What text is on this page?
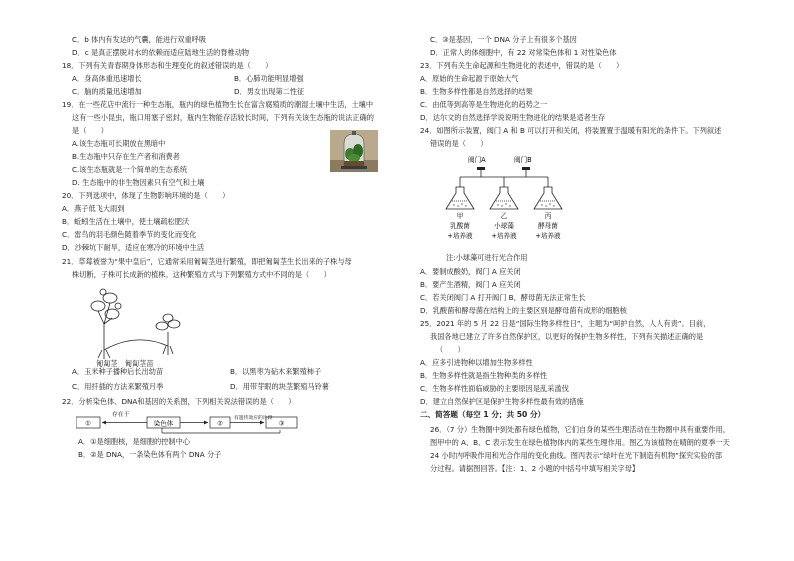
C．b 体内有发达的气囊，能进行双重呼吸
D．c 是真正摆脱对水的依赖而适应陆地生活的脊椎动物
18．下列有关青春期身体形态和生理变化的叙述错误的是（　　）
A．身高体重迅速增长	B．心肺功能明显增强
C．脑的质量迅速增加	D．男女出现第二性征
19．在一些花店中流行一种生态瓶，瓶内的绿色植物生长在富含腐殖质的潮湿土壤中生活，土壤中
这有一些小昆虫，瓶口用塞子密封，瓶内生物能存活较长时间，下列有关该生态瓶的说法正确的
是（　　）
A.该生态瓶可长期放在黑暗中
B.生态瓶中只存在生产者和消费者
C.该生态瓶就是一个简单的生态系统
D. 生态瓶中的非生物因素只有空气和土壤
20．下列选项中，体现了生物影响环境的是（　　）
A．燕子低飞大雨到
B．蚯蚓生活在土壤中，使土壤疏松肥沃
C．雷鸟的羽毛颜色随着季节的变化而变化
D．沙棘坑下耐旱，适应在寒冷的环境中生活
21．草莓被誉为“果中皇后”，它通常采用匍匐茎进行繁殖，即把匍匐茎生长出来的子株与母
株切断，子株可长成新的植株。这种繁殖方式与下列繁殖方式中不同的是（　　）
A．玉米种子播种后长出幼苗	B．以黑枣为砧木来繁殖柿子
C．用扦插的方法来繁殖月季	D．用带芽眼的块茎繁殖马铃薯
22．分析染色体、DNA和基因的关系图，下列相关说法错误的是（　　）
A．①是细胞核，是细胞的控制中心
B．②是 DNA，一条染色体有两个 DNA 分子
匍匐茎　匍匐茎苗
①	染色体	②	③
存在于
有遗传效应的片段
C．③是基因，一个 DNA 分子上有很多个基因
D．正常人的体细胞中，有 22 对常染色体和 1 对性染色体
23．下列有关生命起源和生物进化的表述中，错误的是（　　）
A．原始的生命起源于原始大气
B．生物多样性都是自然选择的结果
C．由低等到高等是生物进化的趋势之一
D．达尔文的自然选择学说说明生物进化的结果是适者生存
24．如图所示装置，阀门 A 和 B 可以打开和关闭，将装置置于温暖有阳光的条件下。下列叙述
错误的是（　　）
注:小球藻可进行光合作用
A．要制成酸奶，阀门 A 应关闭
B．要产生酒精，阀门 A 应关闭
C．若关闭阀门 A 打开阀门 B，酵母菌无法正常生长
D．乳酸菌和酵母菌在结构上的主要区别是酵母菌有成形的细胞核
25．2021 年的 5 月 22 日是“国际生物多样性日”，主题为“呵护自然，人人有责”。目前，
我国各地已建立了许多自然保护区，以更好的保护生物多样性，下列有关描述正确的是
（　　）
A．应多引进物种以增加生物多样性
B．生物多样性就是指生物种类的多样性
C．生物多样性面临威胁的主要原因是乱采滥伐
D．建立自然保护区是保护生物多样性最有效的措施
二、简答题（每空 1 分；共 50 分）
26．（7 分）生物圈中到处都有绿色植物，它们自身的某些生理活动在生物圈中具有重要作用，
图甲中的 A、B、C 表示发生在绿色植物体内的某些生理作用。图乙为该植物在晴朗的夏季一天
24 小时内呼吸作用和光合作用的变化曲线。图丙表示“绿叶在光下制造有机物”探究实验的部
分过程。请据图回答。【注：1、2 小题的中括号中填写相关字母】
阀门A	阀门B
甲
乳酸菌
+培养液
乙
小球藻
+培养液
丙
酵母菌
+培养液
